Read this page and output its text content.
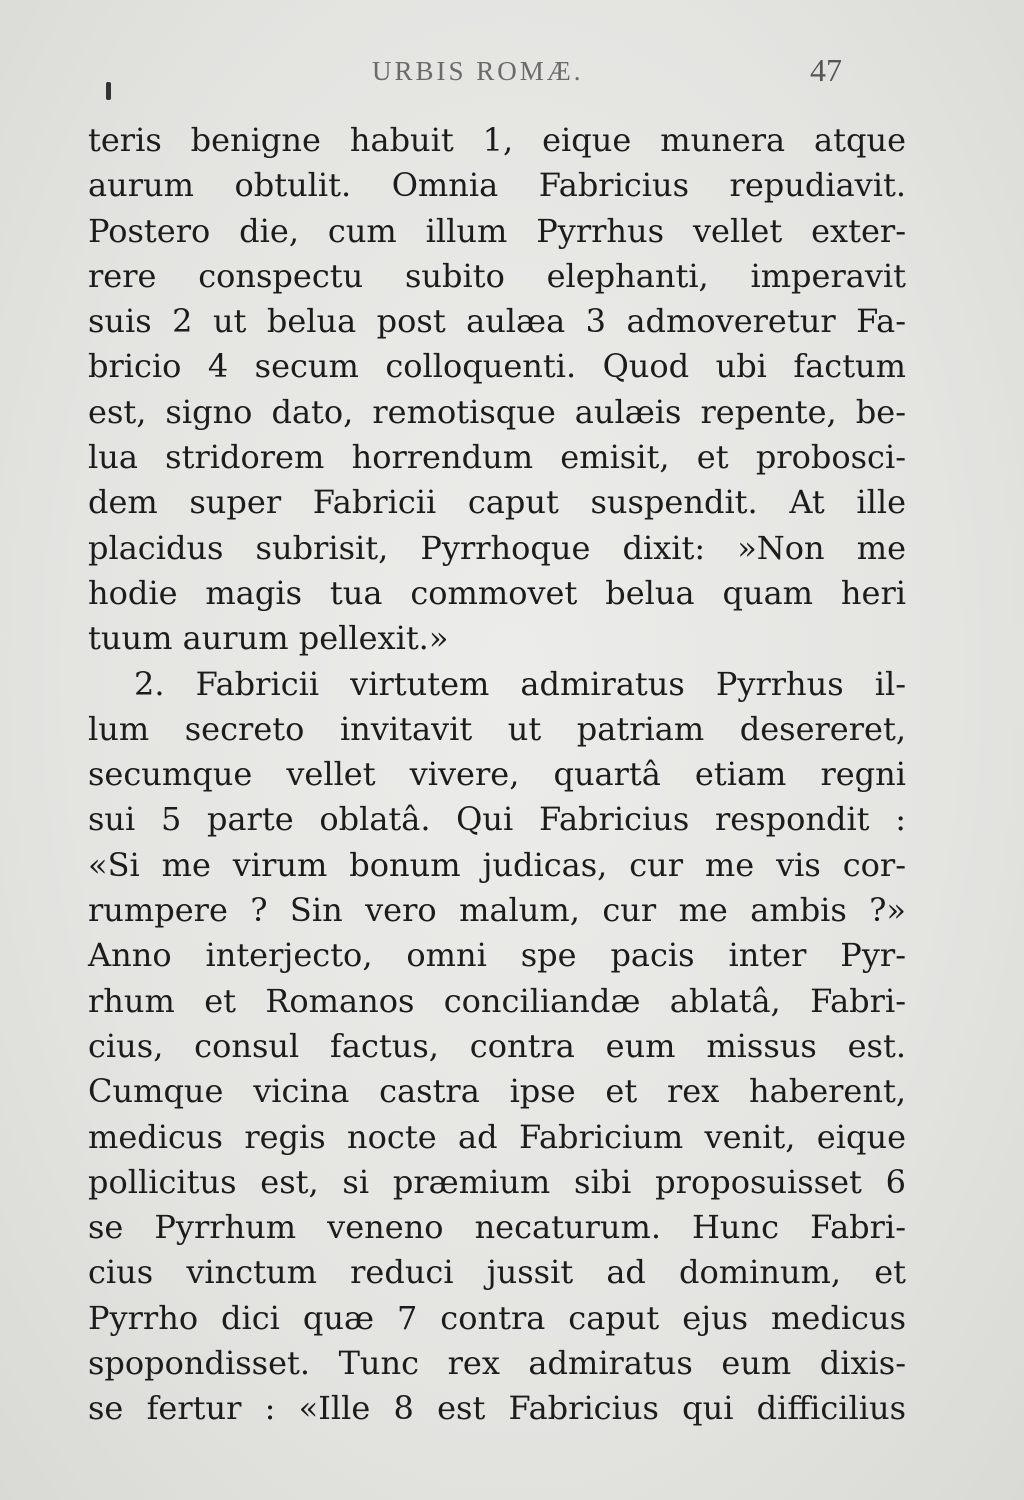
URBIS ROMÆ.	47
teris benigne habuit 1, eique munera atque
aurum obtulit. Omnia Fabricius repudiavit.
Postero die, cum illum Pyrrhus vellet exter-
rere conspectu subito elephanti, imperavit
suis 2 ut belua post aulæa 3 admoveretur Fa-
bricio 4 secum colloquenti. Quod ubi factum
est, signo dato, remotisque aulæis repente, be-
lua stridorem horrendum emisit, et probosci-
dem super Fabricii caput suspendit. At ille
placidus subrisit, Pyrrhoque dixit: »Non me
hodie magis tua commovet belua quam heri
tuum aurum pellexit.»
2. Fabricii virtutem admiratus Pyrrhus il-
lum secreto invitavit ut patriam desereret,
secumque vellet vivere, quartâ etiam regni
sui 5 parte oblatâ. Qui Fabricius respondit :
«Si me virum bonum judicas, cur me vis cor-
rumpere ? Sin vero malum, cur me ambis ?»
Anno interjecto, omni spe pacis inter Pyr-
rhum et Romanos conciliandæ ablatâ, Fabri-
cius, consul factus, contra eum missus est.
Cumque vicina castra ipse et rex haberent,
medicus regis nocte ad Fabricium venit, eique
pollicitus est, si præmium sibi proposuisset 6
se Pyrrhum veneno necaturum. Hunc Fabri-
cius vinctum reduci jussit ad dominum, et
Pyrrho dici quæ 7 contra caput ejus medicus
spopondisset. Tunc rex admiratus eum dixis-
se fertur : «Ille 8 est Fabricius qui difficilius
